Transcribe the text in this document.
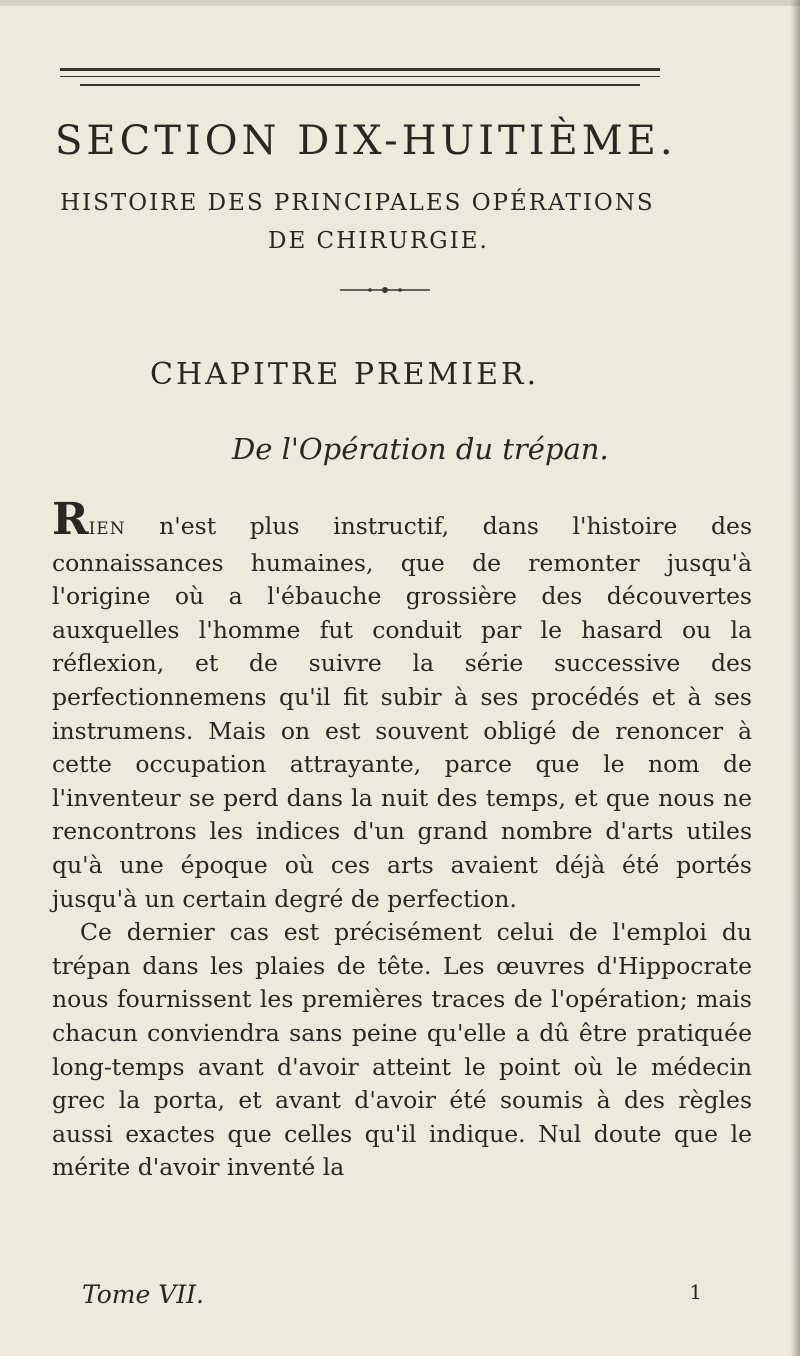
SECTION DIX-HUITIÈME.
HISTOIRE DES PRINCIPALES OPÉRATIONS
DE CHIRURGIE.
CHAPITRE PREMIER.
De l'Opération du trépan.

RIEN n'est plus instructif, dans l'histoire des connaissances humaines, que de remonter jusqu'à l'origine où a l'ébauche grossière des découvertes auxquelles l'homme fut conduit par le hasard ou la réflexion, et de suivre la série successive des perfectionnemens qu'il fit subir à ses procédés et à ses instrumens. Mais on est souvent obligé de renoncer à cette occupation attrayante, parce que le nom de l'inventeur se perd dans la nuit des temps, et que nous ne rencontrons les indices d'un grand nombre d'arts utiles qu'à une époque où ces arts avaient déjà été portés jusqu'à un certain degré de perfection.

Ce dernier cas est précisément celui de l'emploi du trépan dans les plaies de tête. Les œuvres d'Hippocrate nous fournissent les premières traces de l'opération; mais chacun conviendra sans peine qu'elle a dû être pratiquée long-temps avant d'avoir atteint le point où le médecin grec la porta, et avant d'avoir été soumis à des règles aussi exactes que celles qu'il indique. Nul doute que le mérite d'avoir inventé la

Tome VII.	1
